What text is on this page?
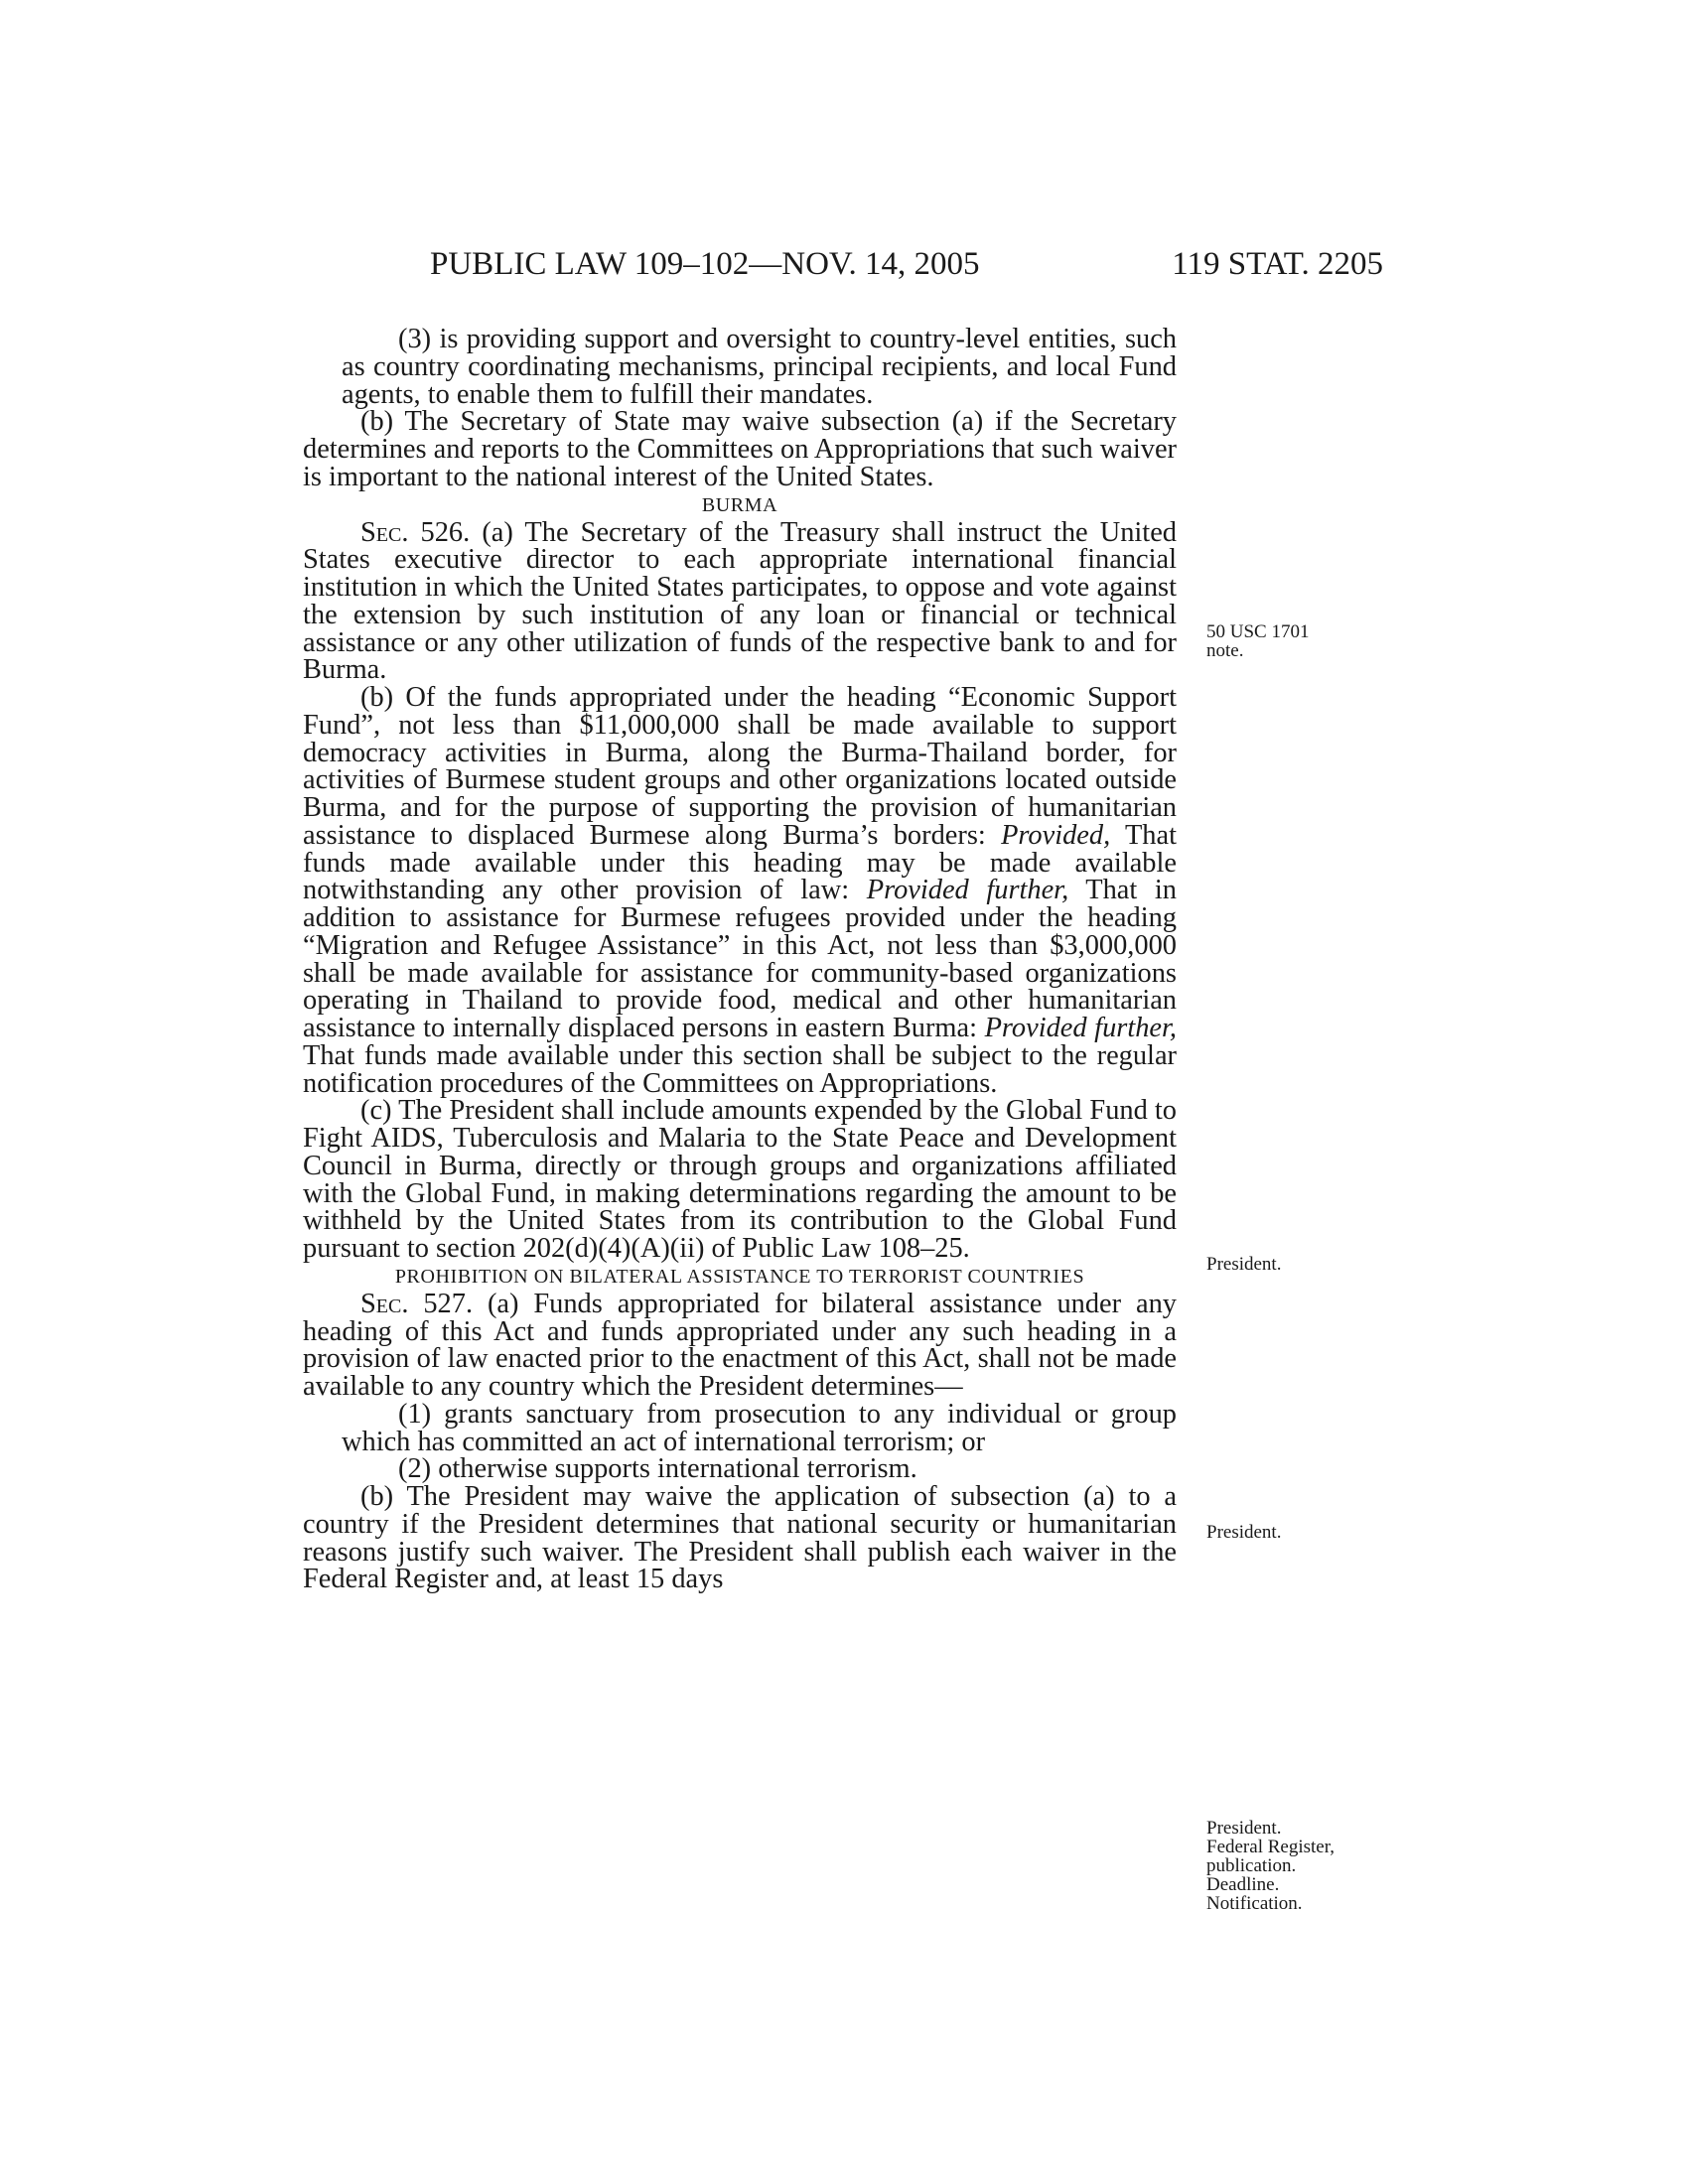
PUBLIC LAW 109–102—NOV. 14, 2005	119 STAT. 2205

(3) is providing support and oversight to country-level entities, such as country coordinating mechanisms, principal recipients, and local Fund agents, to enable them to fulfill their mandates.

(b) The Secretary of State may waive subsection (a) if the Secretary determines and reports to the Committees on Appropriations that such waiver is important to the national interest of the United States.

BURMA

Sec. 526. (a) The Secretary of the Treasury shall instruct the United States executive director to each appropriate international financial institution in which the United States participates, to oppose and vote against the extension by such institution of any loan or financial or technical assistance or any other utilization of funds of the respective bank to and for Burma.

(b) Of the funds appropriated under the heading “Economic Support Fund”, not less than $11,000,000 shall be made available to support democracy activities in Burma, along the Burma-Thailand border, for activities of Burmese student groups and other organizations located outside Burma, and for the purpose of supporting the provision of humanitarian assistance to displaced Burmese along Burma’s borders: Provided, That funds made available under this heading may be made available notwithstanding any other provision of law: Provided further, That in addition to assistance for Burmese refugees provided under the heading “Migration and Refugee Assistance” in this Act, not less than $3,000,000 shall be made available for assistance for community-based organizations operating in Thailand to provide food, medical and other humanitarian assistance to internally displaced persons in eastern Burma: Provided further, That funds made available under this section shall be subject to the regular notification procedures of the Committees on Appropriations.

(c) The President shall include amounts expended by the Global Fund to Fight AIDS, Tuberculosis and Malaria to the State Peace and Development Council in Burma, directly or through groups and organizations affiliated with the Global Fund, in making determinations regarding the amount to be withheld by the United States from its contribution to the Global Fund pursuant to section 202(d)(4)(A)(ii) of Public Law 108–25.

PROHIBITION ON BILATERAL ASSISTANCE TO TERRORIST COUNTRIES

Sec. 527. (a) Funds appropriated for bilateral assistance under any heading of this Act and funds appropriated under any such heading in a provision of law enacted prior to the enactment of this Act, shall not be made available to any country which the President determines—

(1) grants sanctuary from prosecution to any individual or group which has committed an act of international terrorism; or

(2) otherwise supports international terrorism.

(b) The President may waive the application of subsection (a) to a country if the President determines that national security or humanitarian reasons justify such waiver. The President shall publish each waiver in the Federal Register and, at least 15 days

50 USC 1701
note.
President.
President.
President.
Federal Register,
publication.
Deadline.
Notification.
